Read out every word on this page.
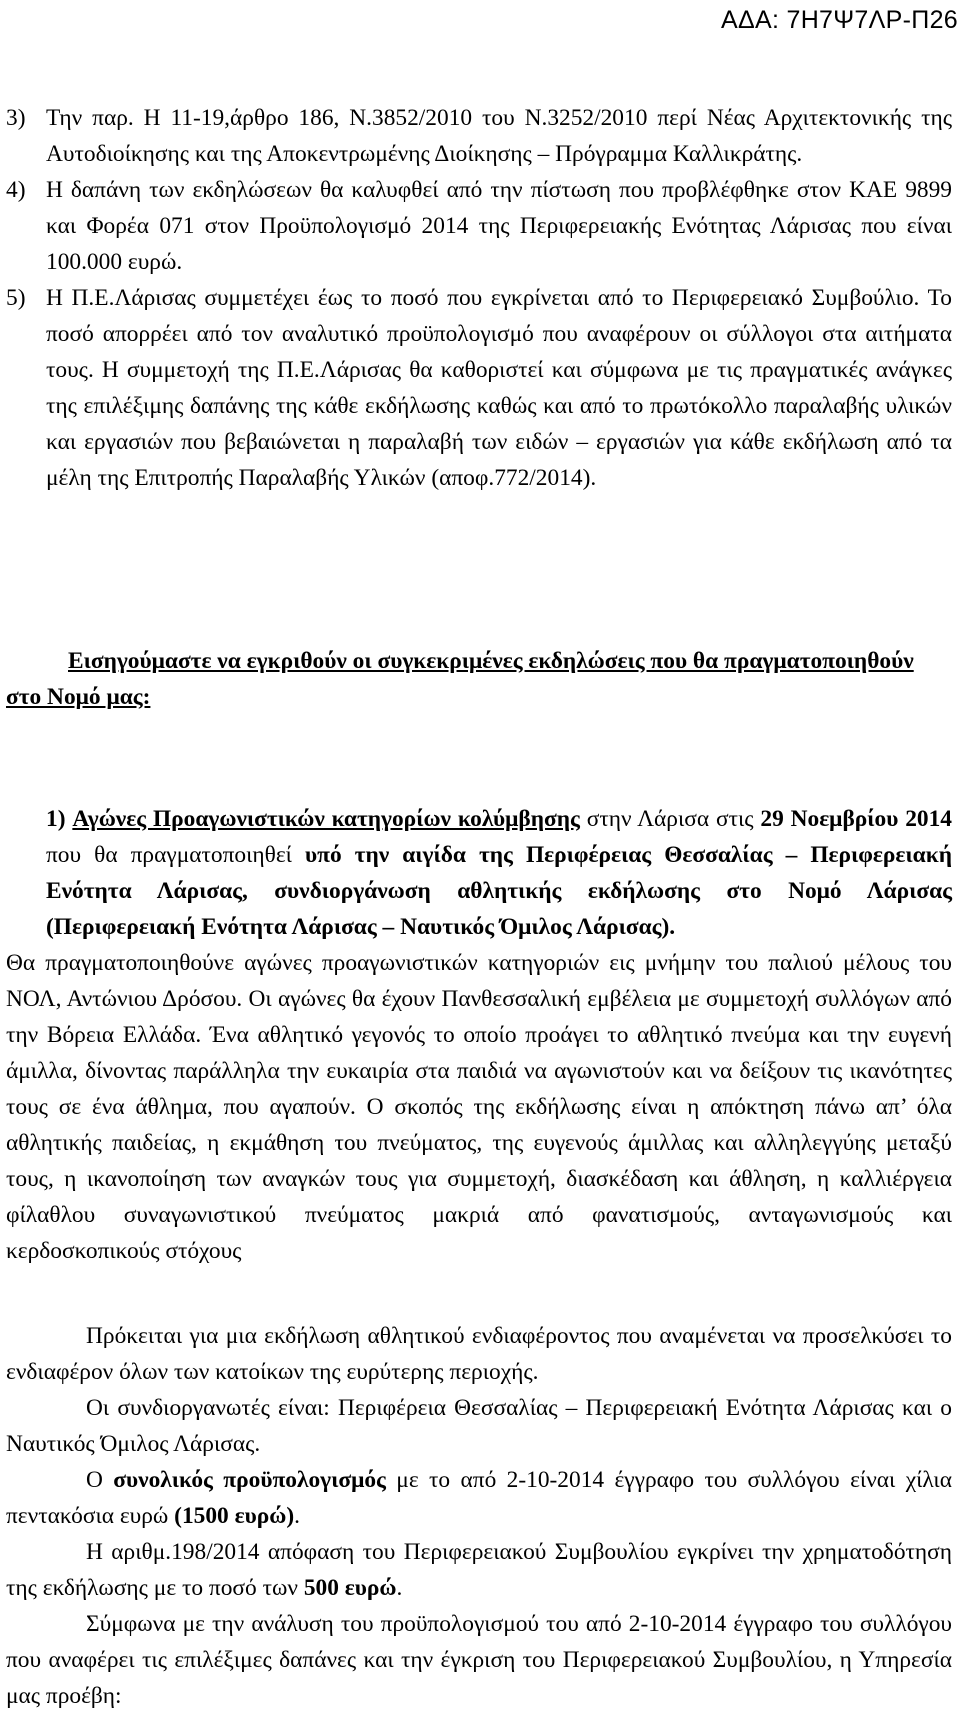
ΑΔΑ: 7Η7Ψ7ΛΡ-Π26

3) Την παρ. Η 11-19,άρθρο 186, Ν.3852/2010 του Ν.3252/2010 περί Νέας Αρχιτεκτονικής της Αυτοδιοίκησης και της Αποκεντρωμένης Διοίκησης – Πρόγραμμα Καλλικράτης.

4) Η δαπάνη των εκδηλώσεων θα καλυφθεί από την πίστωση που προβλέφθηκε στον ΚΑΕ 9899 και Φορέα 071 στον Προϋπολογισμό 2014 της Περιφερειακής Ενότητας Λάρισας που είναι 100.000 ευρώ.

5) Η Π.Ε.Λάρισας συμμετέχει έως το ποσό που εγκρίνεται από το Περιφερειακό Συμβούλιο. Το ποσό απορρέει από τον αναλυτικό προϋπολογισμό που αναφέρουν οι σύλλογοι στα αιτήματα τους. Η συμμετοχή της Π.Ε.Λάρισας θα καθοριστεί και σύμφωνα με τις πραγματικές ανάγκες της επιλέξιμης δαπάνης της κάθε εκδήλωσης καθώς και από το πρωτόκολλο παραλαβής υλικών και εργασιών που βεβαιώνεται η παραλαβή των ειδών – εργασιών για κάθε εκδήλωση από τα μέλη της Επιτροπής Παραλαβής Υλικών (αποφ.772/2014).

Εισηγούμαστε να εγκριθούν οι συγκεκριμένες εκδηλώσεις που θα πραγματοποιηθούν στο Νομό μας:

1) Αγώνες Προαγωνιστικών κατηγορίων κολύμβησης στην Λάρισα στις 29 Νοεμβρίου 2014 που θα πραγματοποιηθεί υπό την αιγίδα της Περιφέρειας Θεσσαλίας – Περιφερειακή Ενότητα Λάρισας, συνδιοργάνωση αθλητικής εκδήλωσης στο Νομό Λάρισας (Περιφερειακή Ενότητα Λάρισας – Ναυτικός Όμιλος Λάρισας).

Θα πραγματοποιηθούνε αγώνες προαγωνιστικών κατηγοριών εις μνήμην του παλιού μέλους του ΝΟΛ, Αντώνιου Δρόσου. Οι αγώνες θα έχουν Πανθεσσαλική εμβέλεια με συμμετοχή συλλόγων από την Βόρεια Ελλάδα. Ένα αθλητικό γεγονός το οποίο προάγει το αθλητικό πνεύμα και την ευγενή άμιλλα, δίνοντας παράλληλα την ευκαιρία στα παιδιά να αγωνιστούν και να δείξουν τις ικανότητες τους σε ένα άθλημα, που αγαπούν. Ο σκοπός της εκδήλωσης είναι η απόκτηση πάνω απ’ όλα αθλητικής παιδείας, η εκμάθηση του πνεύματος, της ευγενούς άμιλλας και αλληλεγγύης μεταξύ τους, η ικανοποίηση των αναγκών τους για συμμετοχή, διασκέδαση και άθληση, η καλλιέργεια φίλαθλου συναγωνιστικού πνεύματος μακριά από φανατισμούς, ανταγωνισμούς και κερδοσκοπικούς στόχους

Πρόκειται για μια εκδήλωση αθλητικού ενδιαφέροντος που αναμένεται να προσελκύσει το ενδιαφέρον όλων των κατοίκων της ευρύτερης περιοχής.

Οι συνδιοργανωτές είναι: Περιφέρεια Θεσσαλίας – Περιφερειακή Ενότητα Λάρισας και ο Ναυτικός Όμιλος Λάρισας.

Ο συνολικός προϋπολογισμός με το από 2-10-2014 έγγραφο του συλλόγου είναι χίλια πεντακόσια ευρώ (1500 ευρώ).

Η αριθμ.198/2014 απόφαση του Περιφερειακού Συμβουλίου εγκρίνει την χρηματοδότηση της εκδήλωσης με το ποσό των 500 ευρώ.

Σύμφωνα με την ανάλυση του προϋπολογισμού του από 2-10-2014 έγγραφο του συλλόγου που αναφέρει τις επιλέξιμες δαπάνες και την έγκριση του Περιφερειακού Συμβουλίου, η Υπηρεσία μας προέβη:
